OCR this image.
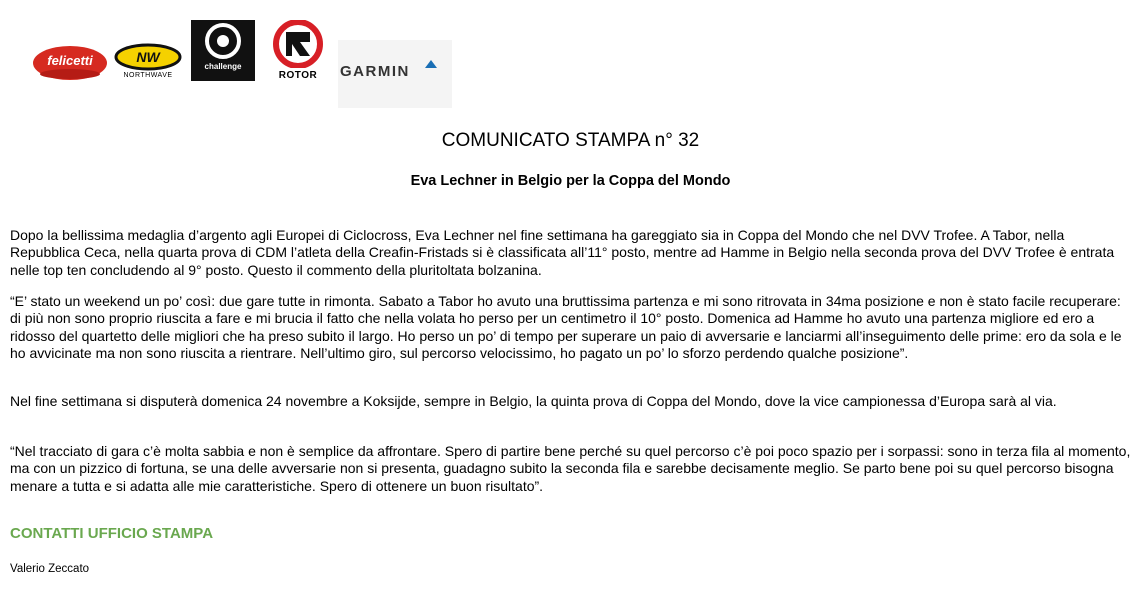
felicetti	NW
NORTHWAVE
challenge
ROTOR	GARMIN
COMUNICATO STAMPA n° 32
Eva Lechner in Belgio per la Coppa del Mondo

Dopo la bellissima medaglia d’argento agli Europei di Ciclocross, Eva Lechner nel fine settimana ha gareggiato sia in Coppa del Mondo che nel DVV Trofee. A Tabor, nella Repubblica Ceca, nella quarta prova di CDM l’atleta della Creafin-Fristads si è classificata all’11° posto, mentre ad Hamme in Belgio nella seconda prova del DVV Trofee è entrata nelle top ten concludendo al 9° posto. Questo il commento della pluritoltata bolzanina.

“E’ stato un weekend un po’ così: due gare tutte in rimonta. Sabato a Tabor ho avuto una bruttissima partenza e mi sono ritrovata in 34ma posizione e non è stato facile recuperare: di più non sono proprio riuscita a fare e mi brucia il fatto che nella volata ho perso per un centimetro il 10° posto. Domenica ad Hamme ho avuto una partenza migliore ed ero a ridosso del quartetto delle migliori che ha preso subito il largo. Ho perso un po’ di tempo per superare un paio di avversarie e lanciarmi all’inseguimento delle prime: ero da sola e le ho avvicinate ma non sono riuscita a rientrare. Nell’ultimo giro, sul percorso velocissimo, ho pagato un po’ lo sforzo perdendo qualche posizione”.

Nel fine settimana si disputerà domenica 24 novembre a Koksijde, sempre in Belgio, la quinta prova di Coppa del Mondo, dove la vice campionessa d’Europa sarà al via.

“Nel tracciato di gara c’è molta sabbia e non è semplice da affrontare. Spero di partire bene perché su quel percorso c’è poi poco spazio per i sorpassi: sono in terza fila al momento, ma con un pizzico di fortuna, se una delle avversarie non si presenta, guadagno subito la seconda fila e sarebbe decisamente meglio. Se parto bene poi su quel percorso bisogna menare a tutta e si adatta alle mie caratteristiche. Spero di ottenere un buon risultato”.

CONTATTI UFFICIO STAMPA
Valerio Zeccato
